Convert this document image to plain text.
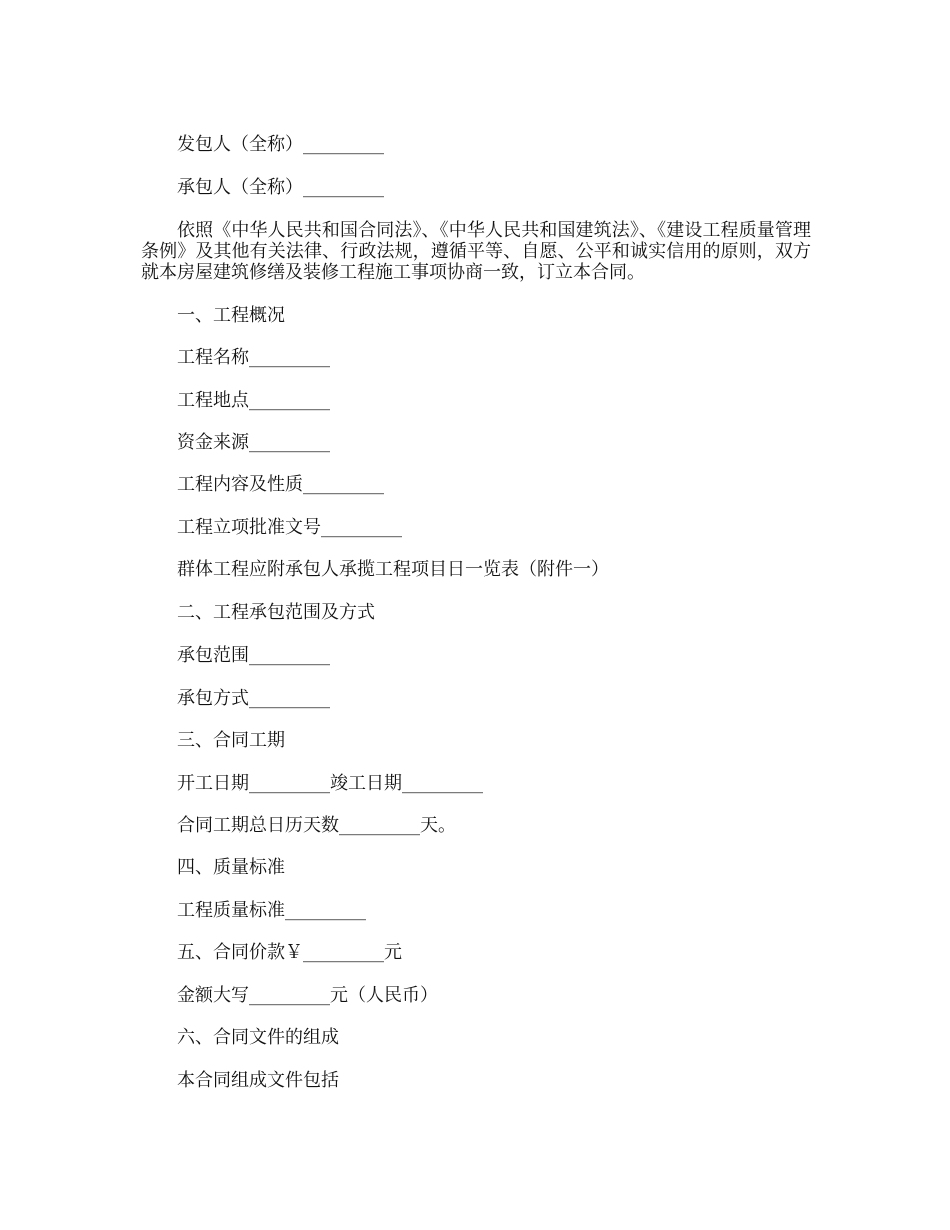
发包人（全称）_________
承包人（全称）_________
依照《中华人民共和国合同法》、《中华人民共和国建筑法》、《建设工程质量管理条例》及其他有关法律、行政法规，遵循平等、自愿、公平和诚实信用的原则，双方就本房屋建筑修缮及装修工程施工事项协商一致，订立本合同。
一、工程概况
工程名称_________
工程地点_________
资金来源_________
工程内容及性质_________
工程立项批准文号_________
群体工程应附承包人承揽工程项目日一览表（附件一）
二、工程承包范围及方式
承包范围_________
承包方式_________
三、合同工期
开工日期_________竣工日期_________
合同工期总日历天数_________天。
四、质量标准
工程质量标准_________
五、合同价款￥_________元
金额大写_________元（人民币）
六、合同文件的组成
本合同组成文件包括
